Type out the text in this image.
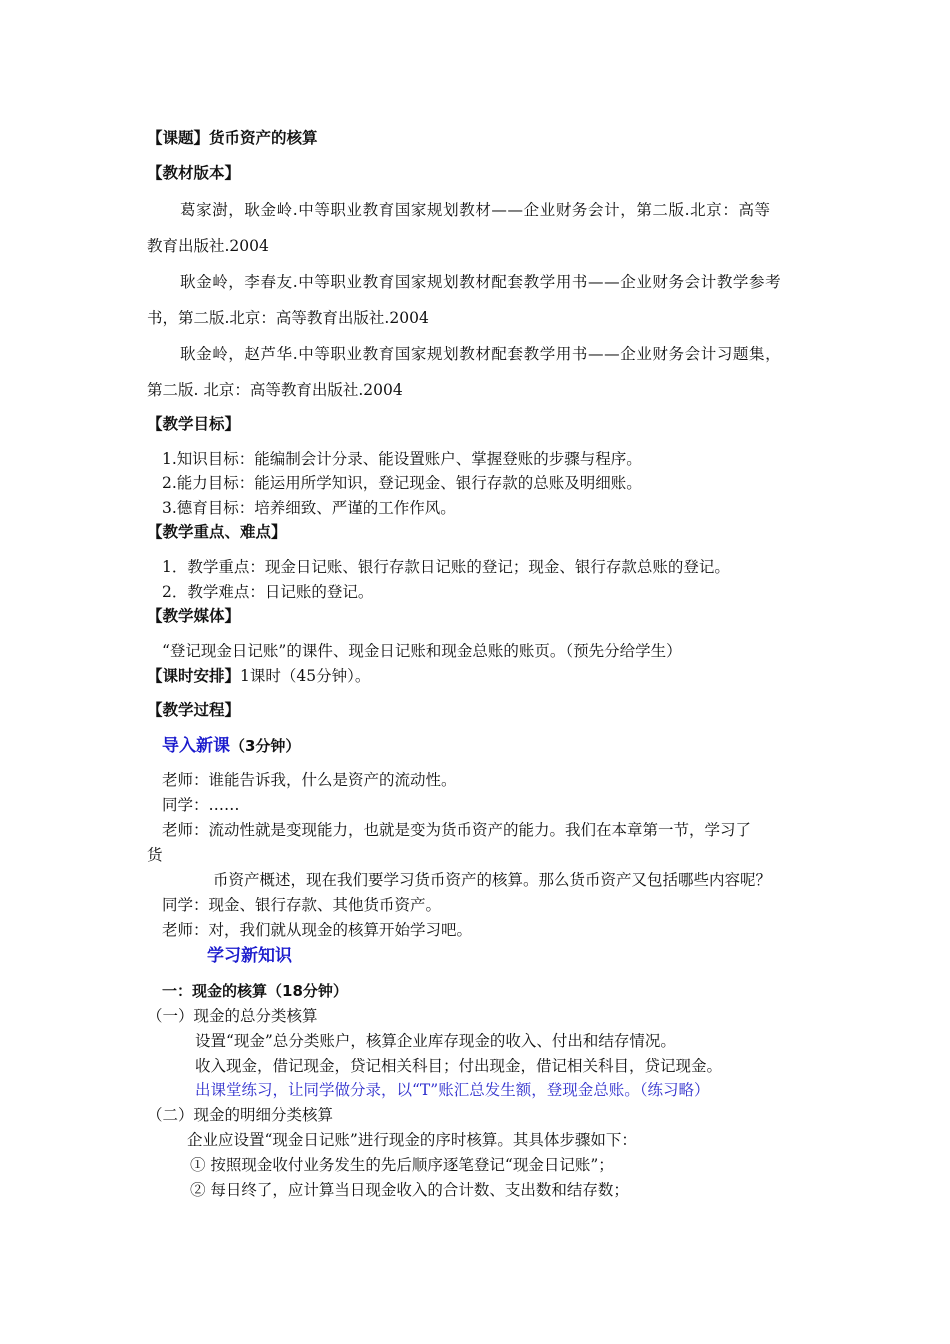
【课题】货币资产的核算
【教材版本】
葛家澍，耿金岭.中等职业教育国家规划教材——企业财务会计，第二版.北京：高等
教育出版社.2004
耿金岭，李春友.中等职业教育国家规划教材配套教学用书——企业财务会计教学参考
书，第二版.北京：高等教育出版社.2004
耿金岭，赵芦华.中等职业教育国家规划教材配套教学用书——企业财务会计习题集，
第二版. 北京：高等教育出版社.2004
【教学目标】
1.知识目标：能编制会计分录、能设置账户、掌握登账的步骤与程序。
2.能力目标：能运用所学知识，登记现金、银行存款的总账及明细账。
3.德育目标：培养细致、严谨的工作作风。
【教学重点、难点】
1．教学重点：现金日记账、银行存款日记账的登记；现金、银行存款总账的登记。
2．教学难点：日记账的登记。
【教学媒体】
“登记现金日记账”的课件、现金日记账和现金总账的账页。（预先分给学生）
【课时安排】1课时（45分钟）。
【教学过程】
导入新课（3分钟）
老师：谁能告诉我，什么是资产的流动性。
同学：……
老师：流动性就是变现能力，也就是变为货币资产的能力。我们在本章第一节，学习了
货
币资产概述，现在我们要学习货币资产的核算。那么货币资产又包括哪些内容呢？
同学：现金、银行存款、其他货币资产。
老师：对，我们就从现金的核算开始学习吧。
学习新知识
一：现金的核算（18分钟）
（一）现金的总分类核算
设置“现金”总分类账户，核算企业库存现金的收入、付出和结存情况。
收入现金，借记现金，贷记相关科目；付出现金，借记相关科目，贷记现金。
出课堂练习，让同学做分录，以“T”账汇总发生额，登现金总账。（练习略）
（二）现金的明细分类核算
企业应设置“现金日记账”进行现金的序时核算。其具体步骤如下：
① 按照现金收付业务发生的先后顺序逐笔登记“现金日记账”；
② 每日终了，应计算当日现金收入的合计数、支出数和结存数；
